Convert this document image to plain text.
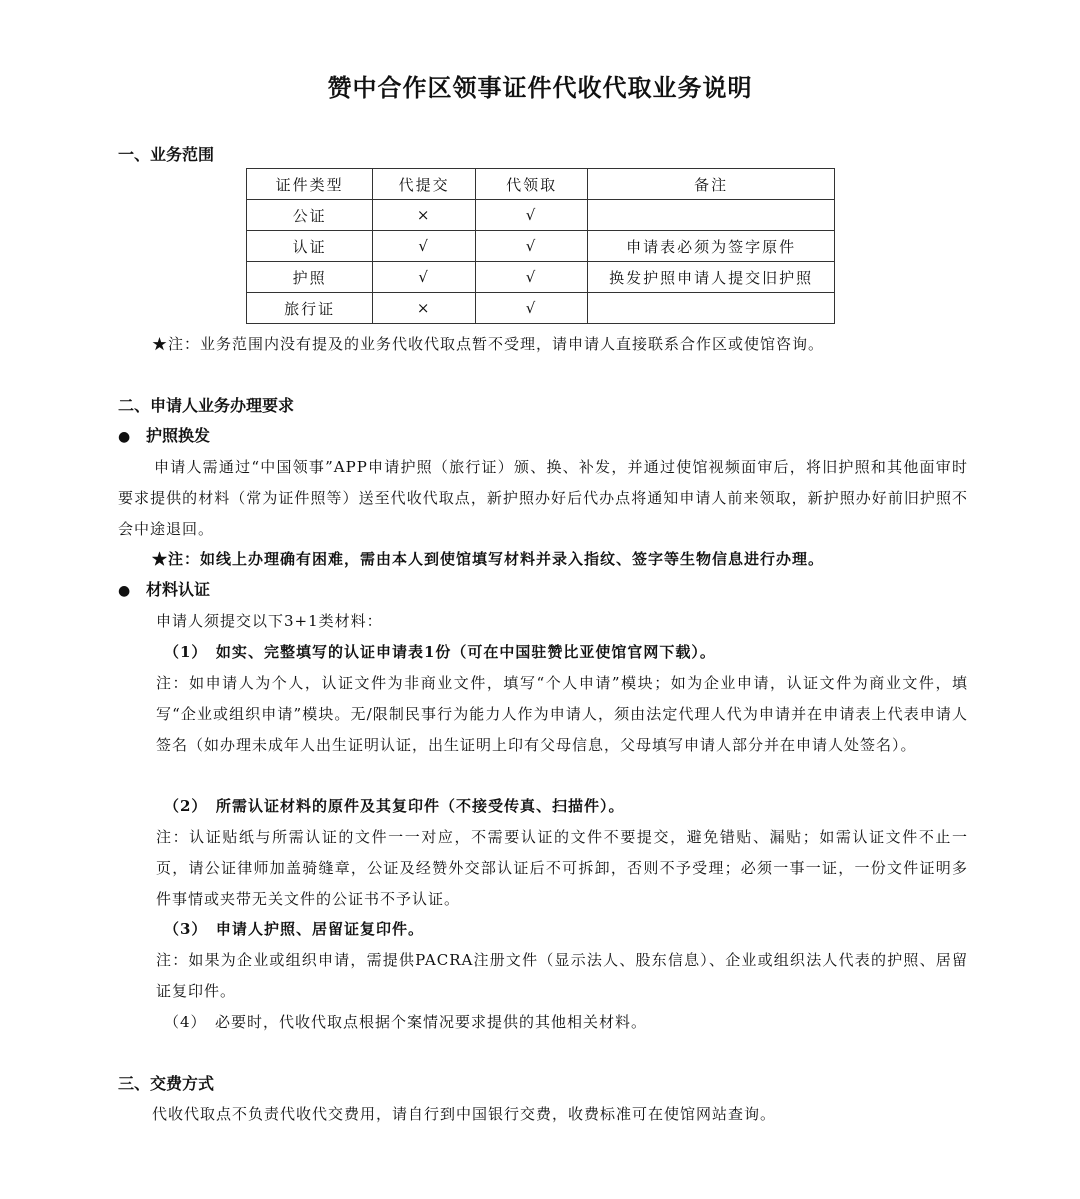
赞中合作区领事证件代收代取业务说明
一、业务范围
证件类型	代提交	代领取	备注
公证	×	√	
认证	√	√	申请表必须为签字原件
护照	√	√	换发护照申请人提交旧护照
旅行证	×	√	
★注：业务范围内没有提及的业务代收代取点暂不受理，请申请人直接联系合作区或使馆咨询。
二、申请人业务办理要求
● 护照换发
申请人需通过“中国领事”APP申请护照（旅行证）颁、换、补发，并通过使馆视频面审后，将旧护照和其他面审时要求提供的材料（常为证件照等）送至代收代取点，新护照办好后代办点将通知申请人前来领取，新护照办好前旧护照不会中途退回。
★注：如线上办理确有困难，需由本人到使馆填写材料并录入指纹、签字等生物信息进行办理。
● 材料认证
申请人须提交以下3+1类材料：
（1）　如实、完整填写的认证申请表1份（可在中国驻赞比亚使馆官网下载）。
注：如申请人为个人，认证文件为非商业文件，填写“个人申请”模块；如为企业申请，认证文件为商业文件，填写“企业或组织申请”模块。无/限制民事行为能力人作为申请人，须由法定代理人代为申请并在申请表上代表申请人签名（如办理未成年人出生证明认证，出生证明上印有父母信息，父母填写申请人部分并在申请人处签名）。
（2）　所需认证材料的原件及其复印件（不接受传真、扫描件）。
注：认证贴纸与所需认证的文件一一对应，不需要认证的文件不要提交，避免错贴、漏贴；如需认证文件不止一页，请公证律师加盖骑缝章，公证及经赞外交部认证后不可拆卸，否则不予受理；必须一事一证，一份文件证明多件事情或夹带无关文件的公证书不予认证。
（3）　申请人护照、居留证复印件。
注：如果为企业或组织申请，需提供PACRA注册文件（显示法人、股东信息）、企业或组织法人代表的护照、居留证复印件。
（4）　必要时，代收代取点根据个案情况要求提供的其他相关材料。
三、交费方式
代收代取点不负责代收代交费用，请自行到中国银行交费，收费标准可在使馆网站查询。
